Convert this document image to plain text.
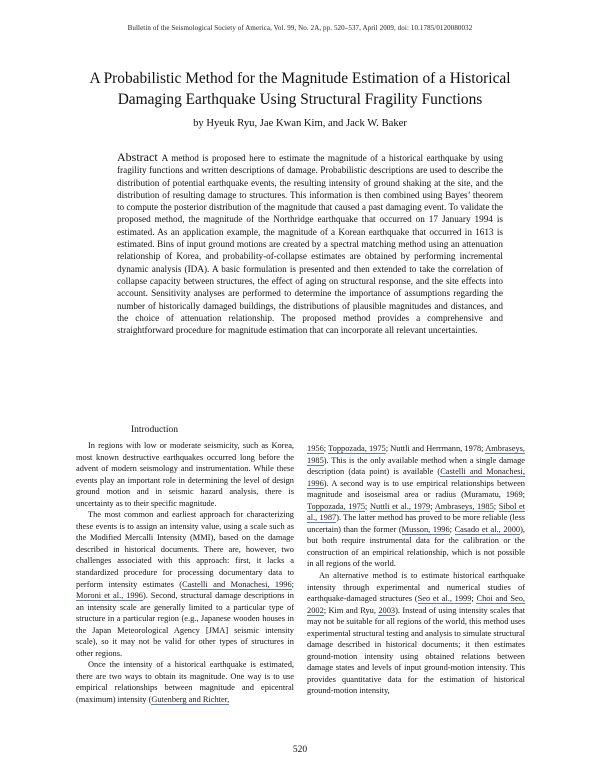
Bulletin of the Seismological Society of America, Vol. 99, No. 2A, pp. 520–537, April 2009, doi: 10.1785/0120080032
A Probabilistic Method for the Magnitude Estimation of a Historical Damaging Earthquake Using Structural Fragility Functions
by Hyeuk Ryu, Jae Kwan Kim, and Jack W. Baker

Abstract A method is proposed here to estimate the magnitude of a historical earthquake by using fragility functions and written descriptions of damage. Probabilistic descriptions are used to describe the distribution of potential earthquake events, the resulting intensity of ground shaking at the site, and the distribution of resulting damage to structures. This information is then combined using Bayes’ theorem to compute the posterior distribution of the magnitude that caused a past damaging event. To validate the proposed method, the magnitude of the Northridge earthquake that occurred on 17 January 1994 is estimated. As an application example, the magnitude of a Korean earthquake that occurred in 1613 is estimated. Bins of input ground motions are created by a spectral matching method using an attenuation relationship of Korea, and probability-of-collapse estimates are obtained by performing incremental dynamic analysis (IDA). A basic formulation is presented and then extended to take the correlation of collapse capacity between structures, the effect of aging on structural response, and the site effects into account. Sensitivity analyses are performed to determine the importance of assumptions regarding the number of historically damaged buildings, the distributions of plausible magnitudes and distances, and the choice of attenuation relationship. The proposed method provides a comprehensive and straightforward procedure for magnitude estimation that can incorporate all relevant uncertainties.

Introduction

In regions with low or moderate seismicity, such as Korea, most known destructive earthquakes occurred long before the advent of modern seismology and instrumentation. While these events play an important role in determining the level of design ground motion and in seismic hazard analysis, there is uncertainty as to their specific magnitude.

The most common and earliest approach for characterizing these events is to assign an intensity value, using a scale such as the Modified Mercalli Intensity (MMI), based on the damage described in historical documents. There are, however, two challenges associated with this approach: first, it lacks a standardized procedure for processing documentary data to perform intensity estimates (Castelli and Monachesi, 1996; Moroni et al., 1996). Second, structural damage descriptions in an intensity scale are generally limited to a particular type of structure in a particular region (e.g., Japanese wooden houses in the Japan Meteorological Agency [JMA] seismic intensity scale), so it may not be valid for other types of structures in other regions.

Once the intensity of a historical earthquake is estimated, there are two ways to obtain its magnitude. One way is to use empirical relationships between magnitude and epicentral (maximum) intensity (Gutenberg and Richter,

1956; Toppozada, 1975; Nuttli and Herrmann, 1978; Ambraseys, 1985). This is the only available method when a single damage description (data point) is available (Castelli and Monachesi, 1996). A second way is to use empirical relationships between magnitude and isoseismal area or radius (Muramatu, 1969; Toppozada, 1975; Nuttli et al., 1979; Ambraseys, 1985; Sibol et al., 1987). The latter method has proved to be more reliable (less uncertain) than the former (Musson, 1996; Casado et al., 2000), but both require instrumental data for the calibration or the construction of an empirical relationship, which is not possible in all regions of the world.

An alternative method is to estimate historical earthquake intensity through experimental and numerical studies of earthquake-damaged structures (Seo et al., 1999; Choi and Seo, 2002; Kim and Ryu, 2003). Instead of using intensity scales that may not be suitable for all regions of the world, this method uses experimental structural testing and analysis to simulate structural damage described in historical documents; it then estimates ground-motion intensity using obtained relations between damage states and levels of input ground-motion intensity. This provides quantitative data for the estimation of historical ground-motion intensity,

520
